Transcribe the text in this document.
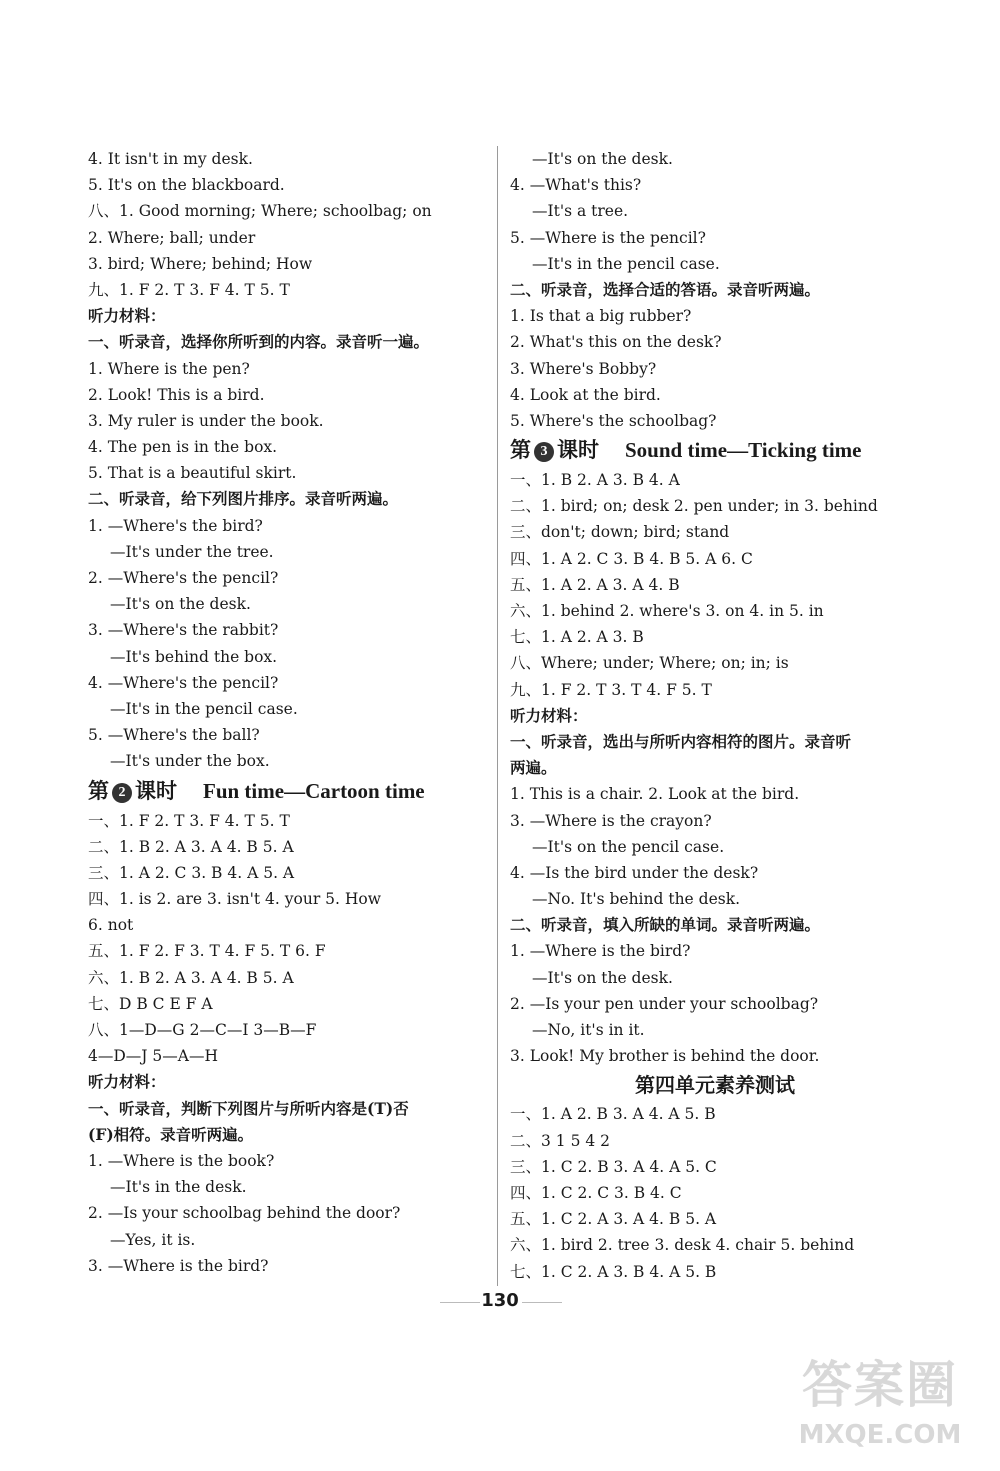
4. It isn't in my desk.
5. It's on the blackboard.
八、1. Good morning; Where; schoolbag; on
2. Where; ball; under
3. bird; Where; behind; How
九、1. F 2. T 3. F 4. T 5. T
听力材料：
一、听录音，选择你所听到的内容。录音听一遍。
1. Where is the pen?
2. Look! This is a bird.
3. My ruler is under the book.
4. The pen is in the box.
5. That is a beautiful skirt.
二、听录音，给下列图片排序。录音听两遍。
1. —Where's the bird?
—It's under the tree.
2. —Where's the pencil?
—It's on the desk.
3. —Where's the rabbit?
—It's behind the box.
4. —Where's the pencil?
—It's in the pencil case.
5. —Where's the ball?
—It's under the box.
第 2 课时 Fun time—Cartoon time
一、1. F 2. T 3. F 4. T 5. T
二、1. B 2. A 3. A 4. B 5. A
三、1. A 2. C 3. B 4. A 5. A
四、1. is 2. are 3. isn't 4. your 5. How
6. not
五、1. F 2. F 3. T 4. F 5. T 6. F
六、1. B 2. A 3. A 4. B 5. A
七、D B C E F A
八、1—D—G 2—C—I 3—B—F
4—D—J 5—A—H
听力材料：
一、听录音，判断下列图片与所听内容是(T)否
(F)相符。录音听两遍。
1. —Where is the book?
—It's in the desk.
2. —Is your schoolbag behind the door?
—Yes, it is.
3. —Where is the bird?
—It's on the desk.
4. —What's this?
—It's a tree.
5. —Where is the pencil?
—It's in the pencil case.
二、听录音，选择合适的答语。录音听两遍。
1. Is that a big rubber?
2. What's this on the desk?
3. Where's Bobby?
4. Look at the bird.
5. Where's the schoolbag?
第 3 课时 Sound time—Ticking time
一、1. B 2. A 3. B 4. A
二、1. bird; on; desk 2. pen under; in 3. behind
三、don't; down; bird; stand
四、1. A 2. C 3. B 4. B 5. A 6. C
五、1. A 2. A 3. A 4. B
六、1. behind 2. where's 3. on 4. in 5. in
七、1. A 2. A 3. B
八、Where; under; Where; on; in; is
九、1. F 2. T 3. T 4. F 5. T
听力材料：
一、听录音，选出与所听内容相符的图片。录音听
两遍。
1. This is a chair. 2. Look at the bird.
3. —Where is the crayon?
—It's on the pencil case.
4. —Is the bird under the desk?
—No. It's behind the desk.
二、听录音，填入所缺的单词。录音听两遍。
1. —Where is the bird?
—It's on the desk.
2. —Is your pen under your schoolbag?
—No, it's in it.
3. Look! My brother is behind the door.
第四单元素养测试
一、1. A 2. B 3. A 4. A 5. B
二、3 1 5 4 2
三、1. C 2. B 3. A 4. A 5. C
四、1. C 2. C 3. B 4. C
五、1. C 2. A 3. A 4. B 5. A
六、1. bird 2. tree 3. desk 4. chair 5. behind
七、1. C 2. A 3. B 4. A 5. B
130
答案圈
MXQE.COM
